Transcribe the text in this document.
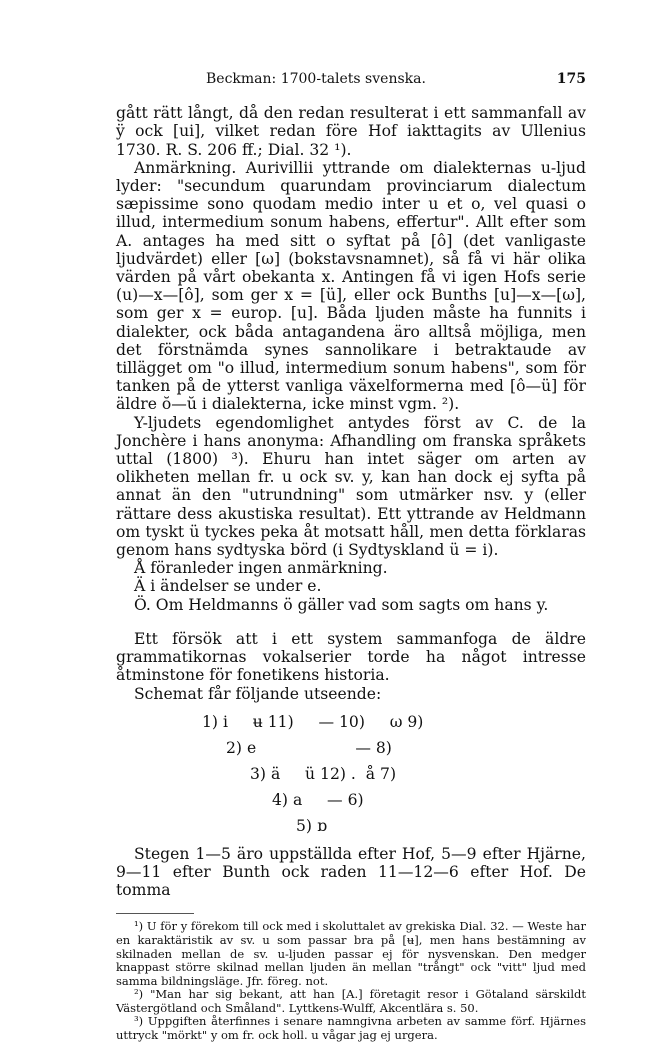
Beckman: 1700-talets svenska.	175

gått rätt långt, då den redan resulterat i ett sammanfall av ÿ ock [ui], vilket redan före Hof iakttagits av Ullenius 1730. R. S. 206 ff.; Dial. 32 ¹).

Anmärkning. Aurivillii yttrande om dialekternas u-ljud lyder: "secundum quarundam provinciarum dialectum sæpissime sono quodam medio inter u et o, vel quasi o illud, intermedium sonum habens, effertur". Allt efter som A. antages ha med sitt o syftat på [ô] (det vanligaste ljudvärdet) eller [ω] (bokstavsnamnet), så få vi här olika värden på vårt obekanta x. Antingen få vi igen Hofs serie (u)—x—[ô], som ger x = [ü], eller ock Bunths [u]—x—[ω], som ger x = europ. [u]. Båda ljuden måste ha funnits i dialekter, ock båda antagandena äro alltså möjliga, men det förstnämda synes sannolikare i betraktaude av tillägget om "o illud, intermedium sonum habens", som för tanken på de ytterst vanliga växelformerna med [ô—ü] för äldre ŏ—ŭ i dialekterna, icke minst vgm. ²).

Y-ljudets egendomlighet antydes först av C. de la Jonchère i hans anonyma: Afhandling om franska språkets uttal (1800) ³). Ehuru han intet säger om arten av olikheten mellan fr. u ock sv. y, kan han dock ej syfta på annat än den "utrundning" som utmärker nsv. y (eller rättare dess akustiska resultat). Ett yttrande av Heldmann om tyskt ü tyckes peka åt motsatt håll, men detta förklaras genom hans sydtyska börd (i Sydtyskland ü = i).

Å föranleder ingen anmärkning.

Ä i ändelser se under e.

Ö. Om Heldmanns ö gäller vad som sagts om hans y.

Ett försök att i ett system sammanfoga de äldre grammatikornas vokalserier torde ha något intresse åtminstone för fonetikens historia.

Schemat får följande utseende:

1) i     ʉ 11)     — 10)     ω 9)
2) e                    — 8)
3) ä     ü 12) .  å 7)
4) a     — 6)
5) ɒ

Stegen 1—5 äro uppställda efter Hof, 5—9 efter Hjärne, 9—11 efter Bunth ock raden 11—12—6 efter Hof. De tomma

¹) U för y förekom till ock med i skoluttalet av grekiska Dial. 32. — Weste har en karaktäristik av sv. u som passar bra på [ʉ], men hans bestämning av skilnaden mellan de sv. u-ljuden passar ej för nysvenskan. Den medger knappast större skilnad mellan ljuden än mellan "trångt" ock "vitt" ljud med samma bildningsläge. Jfr. föreg. not.

²) "Man har sig bekant, att han [A.] företagit resor i Götaland särskildt Västergötland och Småland". Lyttkens-Wulff, Akcentlära s. 50.

³) Uppgiften återfinnes i senare namngivna arbeten av samme förf. Hjärnes uttryck "mörkt" y om fr. ock holl. u vågar jag ej urgera.
